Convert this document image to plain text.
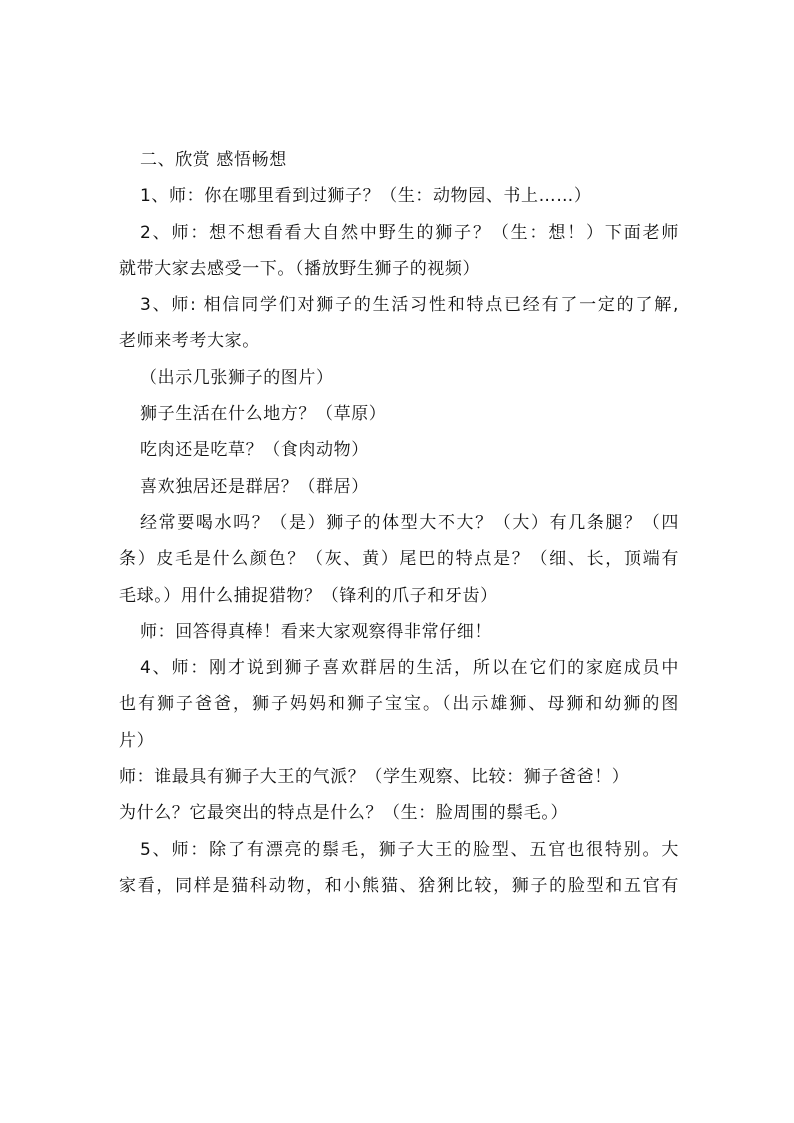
二、欣赏 感悟畅想
1、师：你在哪里看到过狮子？（生：动物园、书上……）
2、师：想不想看看大自然中野生的狮子？（生：想！）下面老师
就带大家去感受一下。（播放野生狮子的视频）
3、师: 相信同学们对狮子的生活习性和特点已经有了一定的了解,
老师来考考大家。
（出示几张狮子的图片）
狮子生活在什么地方？（草原）
吃肉还是吃草？（食肉动物）
喜欢独居还是群居？（群居）
经常要喝水吗？（是）狮子的体型大不大？（大）有几条腿？（四
条）皮毛是什么颜色？（灰、黄）尾巴的特点是？（细、长，顶端有
毛球。）用什么捕捉猎物？（锋利的爪子和牙齿）
师：回答得真棒！看来大家观察得非常仔细！
4、师：刚才说到狮子喜欢群居的生活，所以在它们的家庭成员中
也有狮子爸爸，狮子妈妈和狮子宝宝。（出示雄狮、母狮和幼狮的图
片）
师：谁最具有狮子大王的气派？（学生观察、比较：狮子爸爸！）
为什么？它最突出的特点是什么？（生：脸周围的鬃毛。）
5、师：除了有漂亮的鬃毛，狮子大王的脸型、五官也很特别。大
家看，同样是猫科动物，和小熊猫、猞猁比较，狮子的脸型和五官有
